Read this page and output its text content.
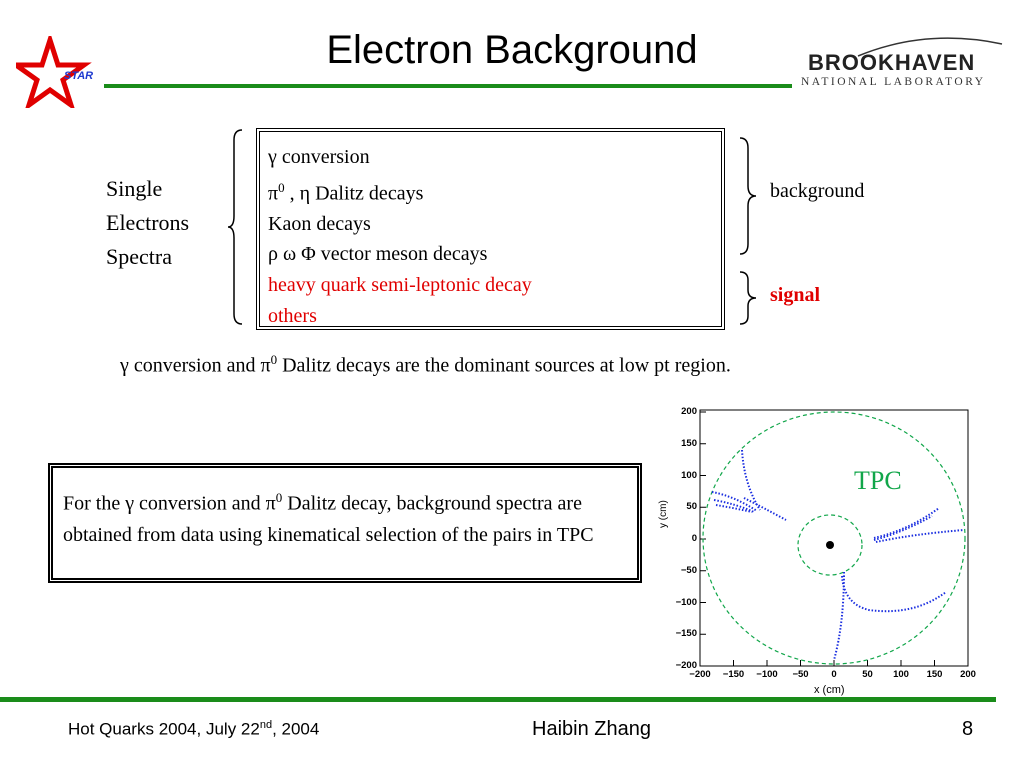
STAR
Electron Background	BROOKHAVEN
NATIONAL LABORATORY
Single
Electrons
Spectra
γ conversion
$\pi^0$ , η Dalitz decays
Kaon decays
ρ ω Φ vector meson decays
heavy quark semi-leptonic decay
others
background
signal
γ conversion and $\pi^0$ Dalitz decays are the dominant sources at low pt region.
For the γ conversion and $\pi^0$ Dalitz decay, background spectra are obtained from data using kinematical selection of the pairs in TPC
TPC
y (cm)
x (cm)
200
150
100
50
0
−50
−100
−150
−200
−200	−150	−100	−50	0	50	100	150	200
Hot Quarks 2004, July 22nd, 2004	Haibin Zhang	8
